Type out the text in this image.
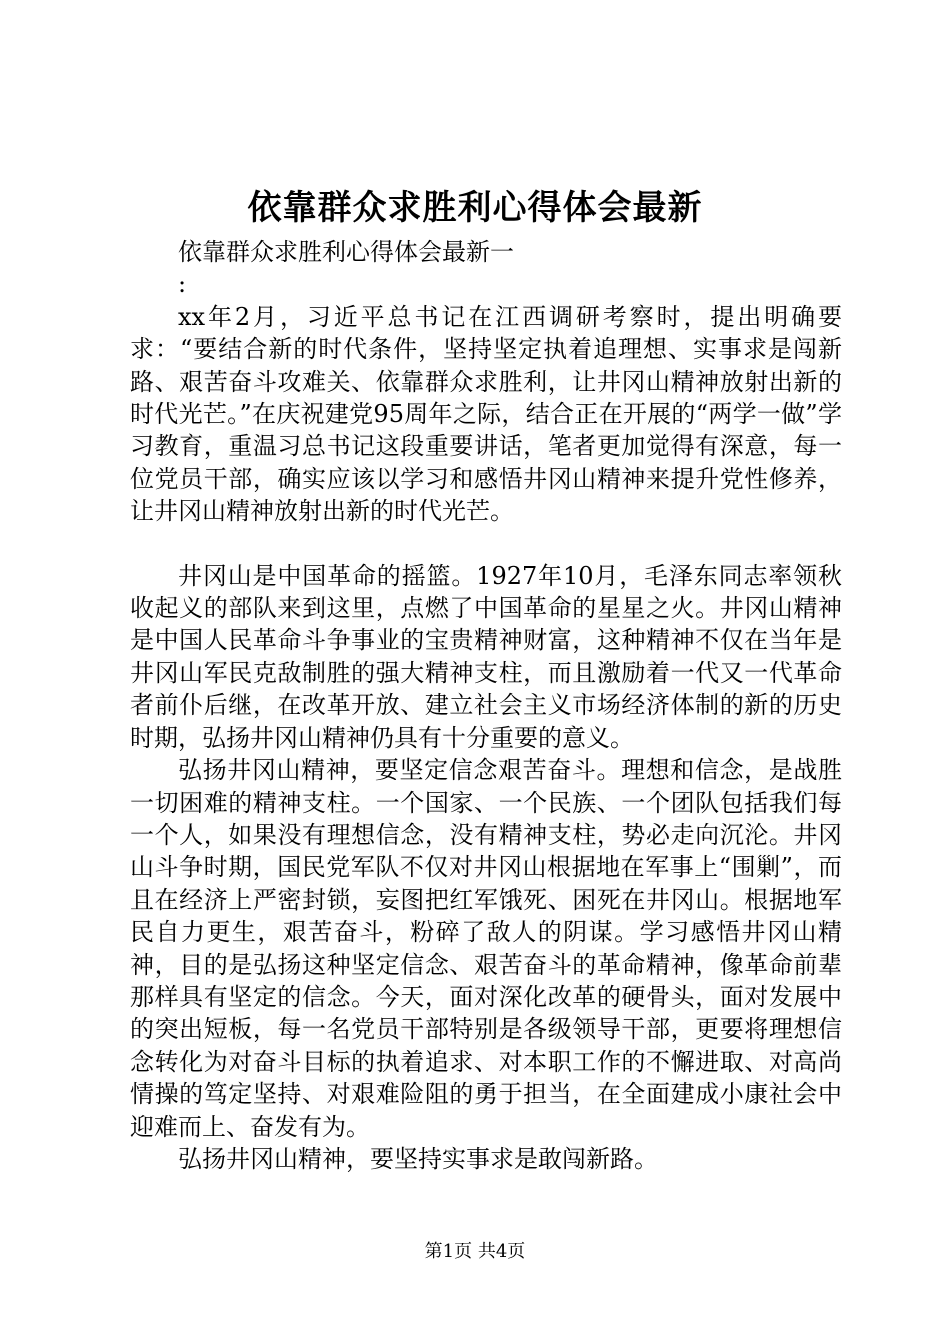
依靠群众求胜利心得体会最新

依靠群众求胜利心得体会最新一

:

xx年2月，习近平总书记在江西调研考察时，提出明确要求：“要结合新的时代条件，坚持坚定执着追理想、实事求是闯新路、艰苦奋斗攻难关、依靠群众求胜利，让井冈山精神放射出新的时代光芒。”在庆祝建党95周年之际，结合正在开展的“两学一做”学习教育，重温习总书记这段重要讲话，笔者更加觉得有深意，每一位党员干部，确实应该以学习和感悟井冈山精神来提升党性修养，让井冈山精神放射出新的时代光芒。

井冈山是中国革命的摇篮。1927年10月，毛泽东同志率领秋收起义的部队来到这里，点燃了中国革命的星星之火。井冈山精神是中国人民革命斗争事业的宝贵精神财富，这种精神不仅在当年是井冈山军民克敌制胜的强大精神支柱，而且激励着一代又一代革命者前仆后继，在改革开放、建立社会主义市场经济体制的新的历史时期，弘扬井冈山精神仍具有十分重要的意义。

弘扬井冈山精神，要坚定信念艰苦奋斗。理想和信念，是战胜一切困难的精神支柱。一个国家、一个民族、一个团队包括我们每一个人，如果没有理想信念，没有精神支柱，势必走向沉沦。井冈山斗争时期，国民党军队不仅对井冈山根据地在军事上“围剿”，而且在经济上严密封锁，妄图把红军饿死、困死在井冈山。根据地军民自力更生，艰苦奋斗，粉碎了敌人的阴谋。学习感悟井冈山精神，目的是弘扬这种坚定信念、艰苦奋斗的革命精神，像革命前辈那样具有坚定的信念。今天，面对深化改革的硬骨头，面对发展中的突出短板，每一名党员干部特别是各级领导干部，更要将理想信念转化为对奋斗目标的执着追求、对本职工作的不懈进取、对高尚情操的笃定坚持、对艰难险阻的勇于担当，在全面建成小康社会中迎难而上、奋发有为。

弘扬井冈山精神，要坚持实事求是敢闯新路。

第1页 共4页
